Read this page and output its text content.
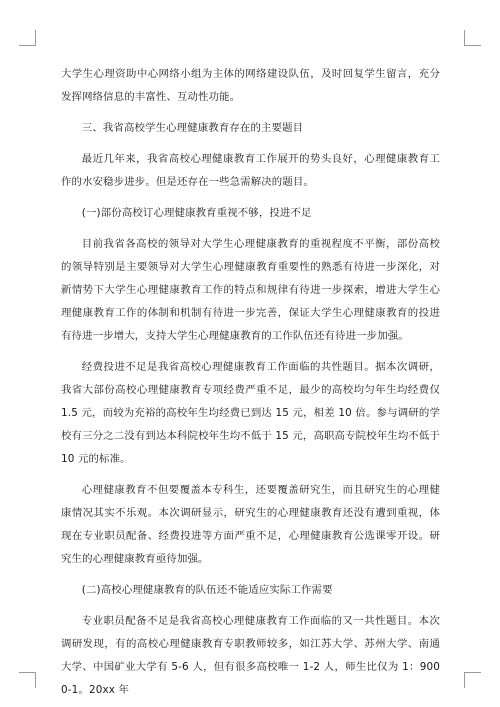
大学生心理资助中心网络小组为主体的网络建设队伍，及时回复学生留言，充分发挥网络信息的丰富性、互动性功能。

三、我省高校学生心理健康教育存在的主要题目

最近几年来，我省高校心理健康教育工作展开的势头良好，心理健康教育工作的水安稳步进步。但是还存在一些急需解决的题目。

(一)部份高校订心理健康教育重视不够，投进不足

目前我省各高校的领导对大学生心理健康教育的重视程度不平衡，部份高校的领导特别是主要领导对大学生心理健康教育重要性的熟悉有待进一步深化，对新情势下大学生心理健康教育工作的特点和规律有待进一步探索，增进大学生心理健康教育工作的体制和机制有待进一步完善，保证大学生心理健康教育的投进有待进一步增大，支持大学生心理健康教育的工作队伍还有待进一步加强。

经费投进不足是我省高校心理健康教育工作面临的共性题目。据本次调研，我省大部份高校心理健康教育专项经费严重不足，最少的高校均匀年生均经费仅 1.5 元，而较为充裕的高校年生均经费已到达 15 元，相差 10 倍。参与调研的学校有三分之二没有到达本科院校年生均不低于 15 元，高职高专院校年生均不低于 10 元的标准。

心理健康教育不但要覆盖本专科生，还要覆盖研究生，而且研究生的心理健康情况其实不乐观。本次调研显示，研究生的心理健康教育还没有遭到重视，体现在专业职员配备、经费投进等方面严重不足，心理健康教育公选课零开设。研究生的心理健康教育亟待加强。

(二)高校心理健康教育的队伍还不能适应实际工作需要

专业职员配备不足是我省高校心理健康教育工作面临的又一共性题目。本次调研发现，有的高校心理健康教育专职教师较多，如江苏大学、苏州大学、南通大学、中国矿业大学有 5-6 人，但有很多高校唯一 1-2 人，师生比仅为 1：9000-1。20xx 年
